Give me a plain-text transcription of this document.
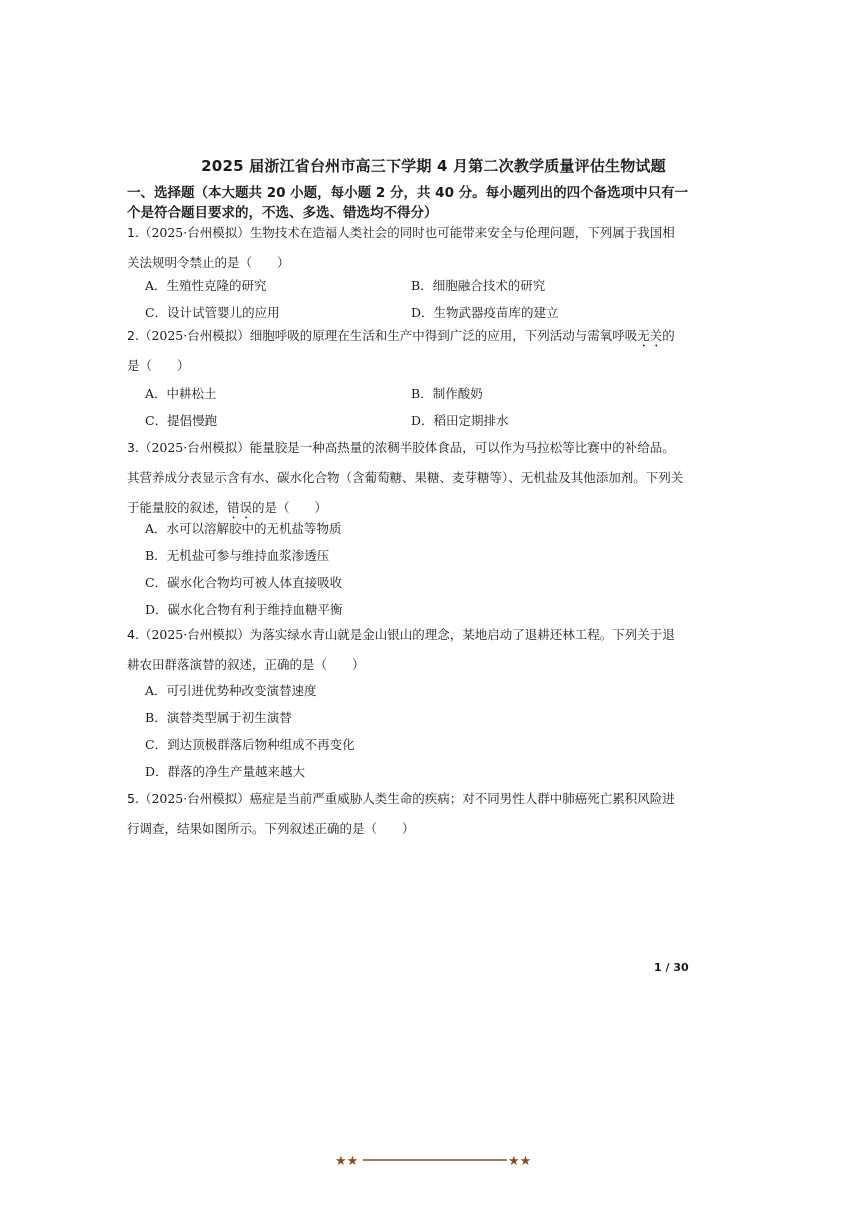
2025 届浙江省台州市高三下学期 4 月第二次教学质量评估生物试题
一、选择题（本大题共 20 小题，每小题 2 分，共 40 分。每小题列出的四个备选项中只有一个是符合题目要求的，不选、多选、错选均不得分）
1.（2025·台州模拟）生物技术在造福人类社会的同时也可能带来安全与伦理问题，下列属于我国相关法规明令禁止的是（　　）
A．生殖性克隆的研究	B．细胞融合技术的研究
C．设计试管婴儿的应用	D．生物武器疫苗库的建立
2.（2025·台州模拟）细胞呼吸的原理在生活和生产中得到广泛的应用，下列活动与需氧呼吸无关的是（　　）
A．中耕松土	B．制作酸奶
C．提倡慢跑	D．稻田定期排水
3.（2025·台州模拟）能量胶是一种高热量的浓稠半胶体食品，可以作为马拉松等比赛中的补给品。其营养成分表显示含有水、碳水化合物（含葡萄糖、果糖、麦芽糖等）、无机盐及其他添加剂。下列关于能量胶的叙述，错误的是（　　）
A．水可以溶解胶中的无机盐等物质
B．无机盐可参与维持血浆渗透压
C．碳水化合物均可被人体直接吸收
D．碳水化合物有利于维持血糖平衡
4.（2025·台州模拟）为落实绿水青山就是金山银山的理念，某地启动了退耕还林工程。下列关于退耕农田群落演替的叙述，正确的是（　　）
A．可引进优势种改变演替速度
B．演替类型属于初生演替
C．到达顶极群落后物种组成不再变化
D．群落的净生产量越来越大
5.（2025·台州模拟）癌症是当前严重威胁人类生命的疾病；对不同男性人群中肺癌死亡累积风险进行调查，结果如图所示。下列叙述正确的是（　　）
1 / 30
★★	★★
